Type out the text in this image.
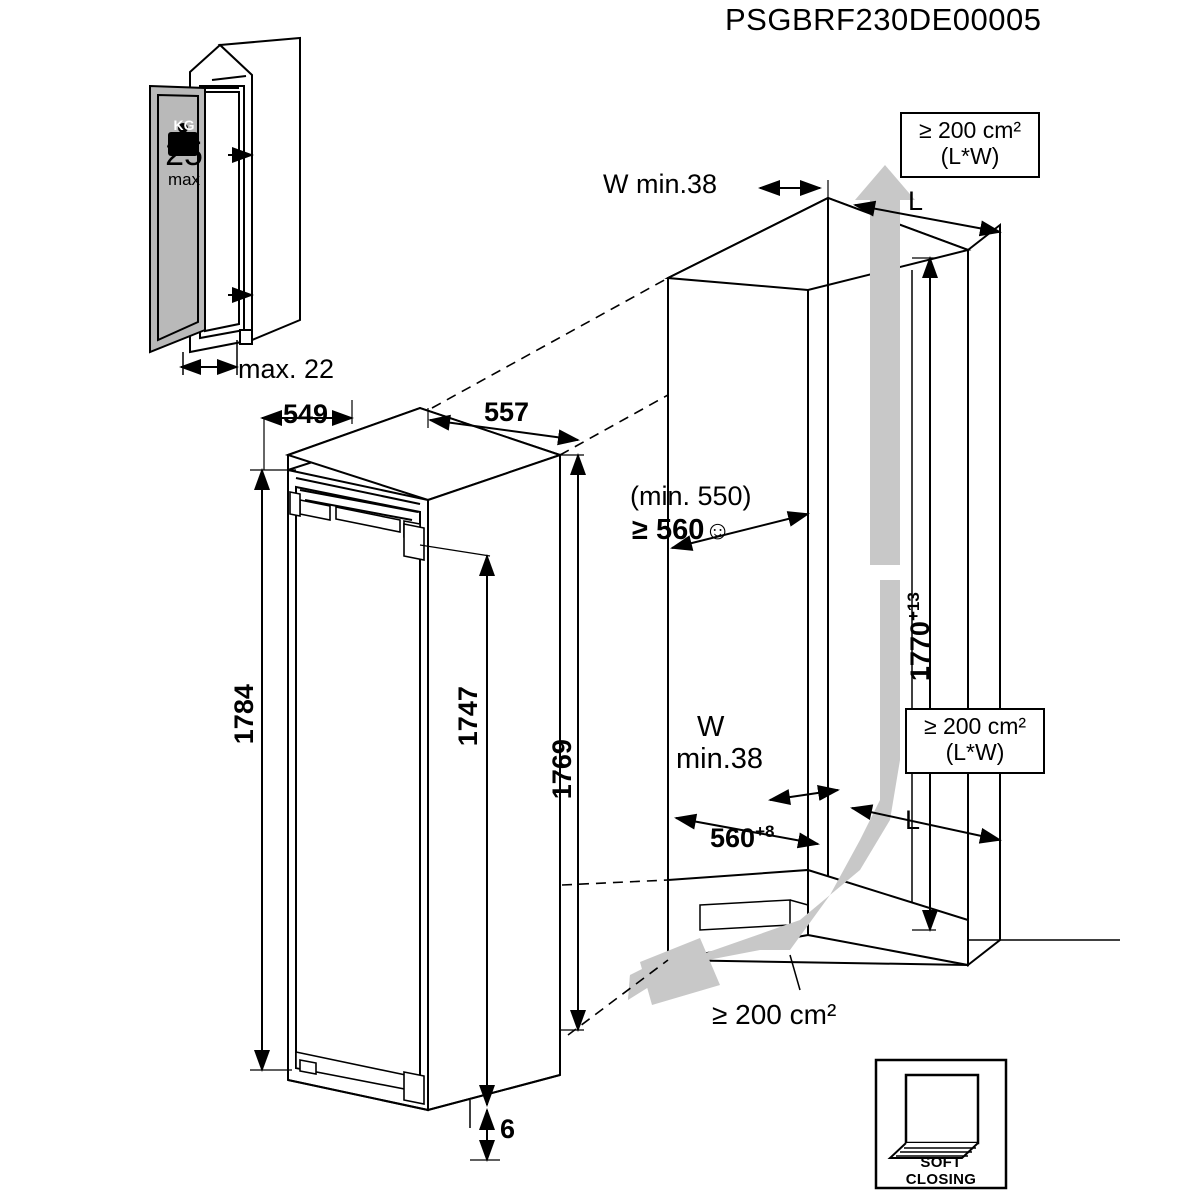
PSGBRF230DE00005
KG
25
max
max. 22
549	557
1784	1747
1769
6
W min.38
L
≥ 200 cm²
(L*W)
≥ 200 cm²
(L*W)
(min. 550)
≥ 560☺
$1770^{+13}$
W
min.38
L
$560^{+8}$
≥ 200 cm²
SOFT
CLOSING
